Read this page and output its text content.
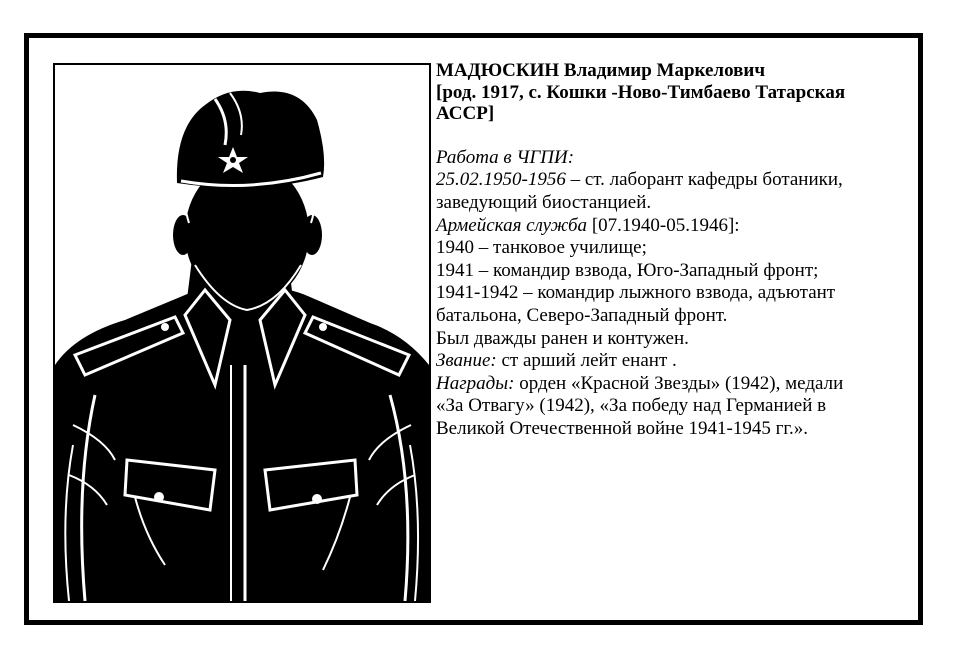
МАДЮСКИН Владимир Маркелович
[род. 1917, с. Кошки -Ново-Тимбаево Татарская
АССР]
Работа в ЧГПИ:
25.02.1950-1956 – ст. лаборант кафедры ботаники,
заведующий биостанцией.
Армейская служба [07.1940-05.1946]:
1940 – танковое училище;
1941 – командир взвода, Юго-Западный фронт;
1941-1942 – командир лыжного взвода, адъютант
батальона, Северо-Западный фронт.
Был дважды ранен и контужен.
Звание: ст арший лейт енант .
Награды: орден «Красной Звезды» (1942), медали
«За Отвагу» (1942), «За победу над Германией в
Великой Отечественной войне 1941-1945 гг.».
